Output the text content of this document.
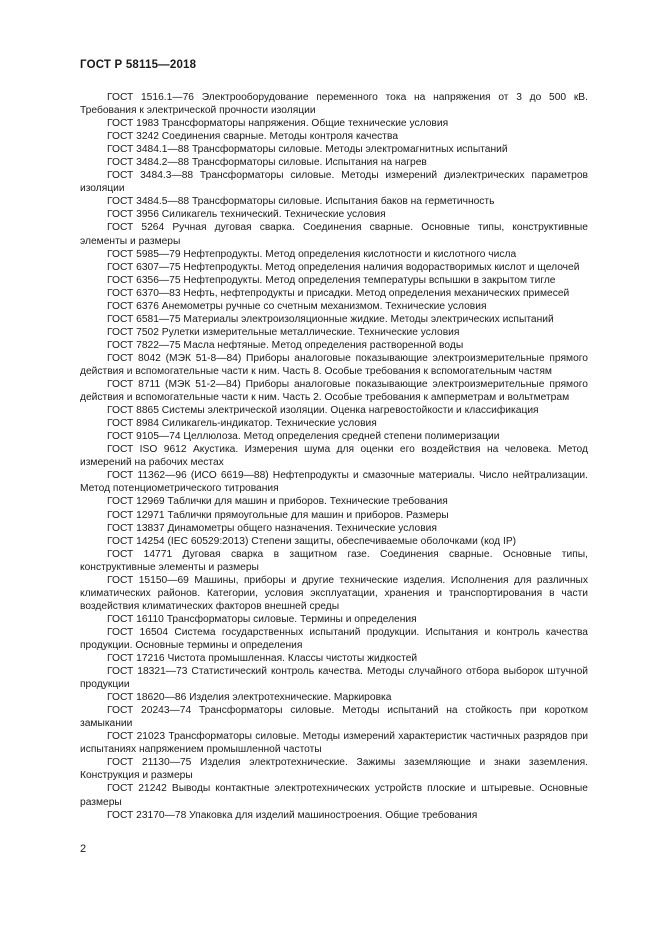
ГОСТ Р 58115—2018

ГОСТ 1516.1—76 Электрооборудование переменного тока на напряжения от 3 до 500 кВ. Требования к электрической прочности изоляции

ГОСТ 1983 Трансформаторы напряжения. Общие технические условия

ГОСТ 3242 Соединения сварные. Методы контроля качества

ГОСТ 3484.1—88 Трансформаторы силовые. Методы электромагнитных испытаний

ГОСТ 3484.2—88 Трансформаторы силовые. Испытания на нагрев

ГОСТ 3484.3—88 Трансформаторы силовые. Методы измерений диэлектрических параметров изоляции

ГОСТ 3484.5—88 Трансформаторы силовые. Испытания баков на герметичность

ГОСТ 3956 Силикагель технический. Технические условия

ГОСТ 5264 Ручная дуговая сварка. Соединения сварные. Основные типы, конструктивные элементы и размеры

ГОСТ 5985—79 Нефтепродукты. Метод определения кислотности и кислотного числа

ГОСТ 6307—75 Нефтепродукты. Метод определения наличия водорастворимых кислот и щелочей

ГОСТ 6356—75 Нефтепродукты. Метод определения температуры вспышки в закрытом тигле

ГОСТ 6370—83 Нефть, нефтепродукты и присадки. Метод определения механических примесей

ГОСТ 6376 Анемометры ручные со счетным механизмом. Технические условия

ГОСТ 6581—75 Материалы электроизоляционные жидкие. Методы электрических испытаний

ГОСТ 7502 Рулетки измерительные металлические. Технические условия

ГОСТ 7822—75 Масла нефтяные. Метод определения растворенной воды

ГОСТ 8042 (МЭК 51-8—84) Приборы аналоговые показывающие электроизмерительные прямого действия и вспомогательные части к ним. Часть 8. Особые требования к вспомогательным частям

ГОСТ 8711 (МЭК 51-2—84) Приборы аналоговые показывающие электроизмерительные прямого действия и вспомогательные части к ним. Часть 2. Особые требования к амперметрам и вольтметрам

ГОСТ 8865 Системы электрической изоляции. Оценка нагревостойкости и классификация

ГОСТ 8984 Силикагель-индикатор. Технические условия

ГОСТ 9105—74 Целлюлоза. Метод определения средней степени полимеризации

ГОСТ ISO 9612 Акустика. Измерения шума для оценки его воздействия на человека. Метод измерений на рабочих местах

ГОСТ 11362—96 (ИСО 6619—88) Нефтепродукты и смазочные материалы. Число нейтрализации. Метод потенциометрического титрования

ГОСТ 12969 Таблички для машин и приборов. Технические требования

ГОСТ 12971 Таблички прямоугольные для машин и приборов. Размеры

ГОСТ 13837 Динамометры общего назначения. Технические условия

ГОСТ 14254 (IEC 60529:2013) Степени защиты, обеспечиваемые оболочками (код IP)

ГОСТ 14771 Дуговая сварка в защитном газе. Соединения сварные. Основные типы, конструктивные элементы и размеры

ГОСТ 15150—69 Машины, приборы и другие технические изделия. Исполнения для различных климатических районов. Категории, условия эксплуатации, хранения и транспортирования в части воздействия климатических факторов внешней среды

ГОСТ 16110 Трансформаторы силовые. Термины и определения

ГОСТ 16504 Система государственных испытаний продукции. Испытания и контроль качества продукции. Основные термины и определения

ГОСТ 17216 Чистота промышленная. Классы чистоты жидкостей

ГОСТ 18321—73 Статистический контроль качества. Методы случайного отбора выборок штучной продукции

ГОСТ 18620—86 Изделия электротехнические. Маркировка

ГОСТ 20243—74 Трансформаторы силовые. Методы испытаний на стойкость при коротком замыкании

ГОСТ 21023 Трансформаторы силовые. Методы измерений характеристик частичных разрядов при испытаниях напряжением промышленной частоты

ГОСТ 21130—75 Изделия электротехнические. Зажимы заземляющие и знаки заземления. Конструкция и размеры

ГОСТ 21242 Выводы контактные электротехнических устройств плоские и штыревые. Основные размеры

ГОСТ 23170—78 Упаковка для изделий машиностроения. Общие требования

2
